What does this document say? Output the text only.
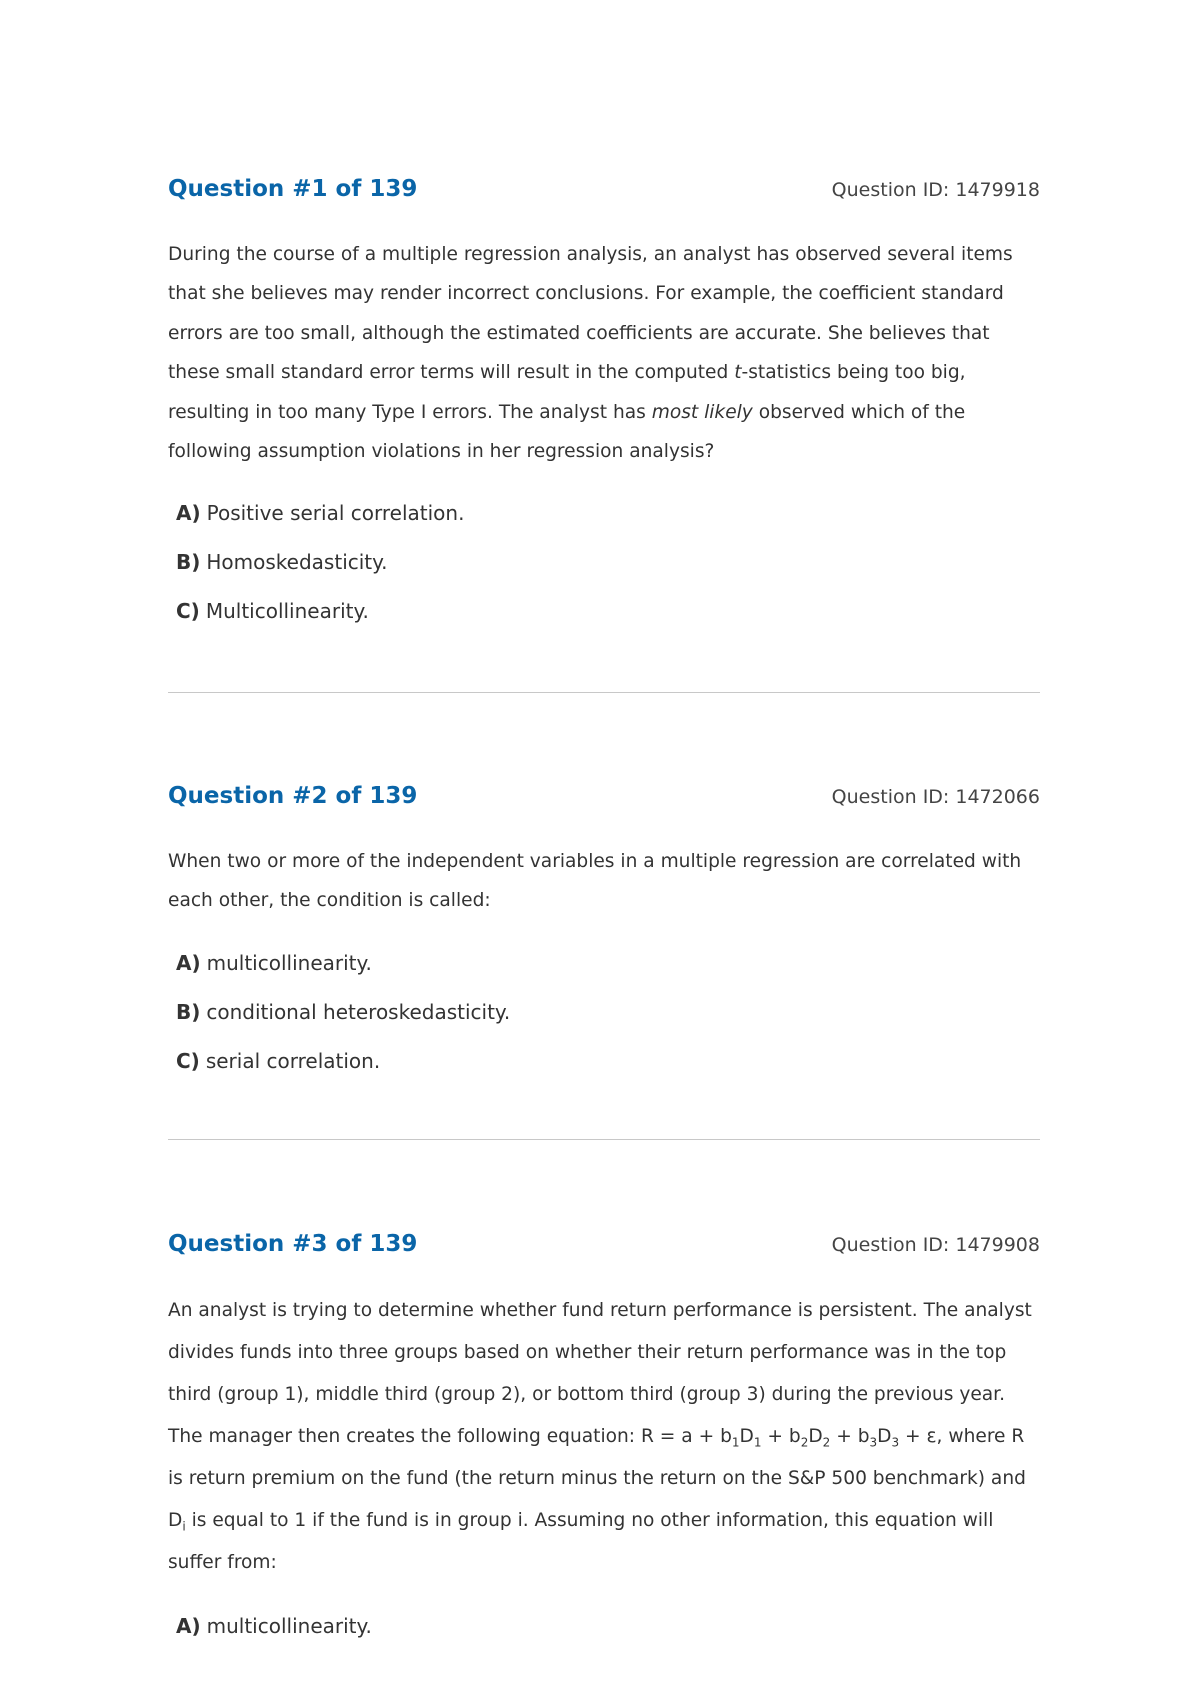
Question #1 of 139	Question ID: 1479918

During the course of a multiple regression analysis, an analyst has observed several items that she believes may render incorrect conclusions. For example, the coefficient standard errors are too small, although the estimated coefficients are accurate. She believes that these small standard error terms will result in the computed t-statistics being too big, resulting in too many Type I errors. The analyst has most likely observed which of the following assumption violations in her regression analysis?

A) Positive serial correlation.
B) Homoskedasticity.
C) Multicollinearity.
Question #2 of 139	Question ID: 1472066

When two or more of the independent variables in a multiple regression are correlated with each other, the condition is called:

A) multicollinearity.
B) conditional heteroskedasticity.
C) serial correlation.
Question #3 of 139	Question ID: 1479908

An analyst is trying to determine whether fund return performance is persistent. The analyst divides funds into three groups based on whether their return performance was in the top third (group 1), middle third (group 2), or bottom third (group 3) during the previous year. The manager then creates the following equation: $R = a + b_1D_1 + b_2D_2 + b_3D_3 + \varepsilon$, where R is return premium on the fund (the return minus the return on the S&P 500 benchmark) and $D_i$ is equal to 1 if the fund is in group i. Assuming no other information, this equation will suffer from:

A) multicollinearity.
